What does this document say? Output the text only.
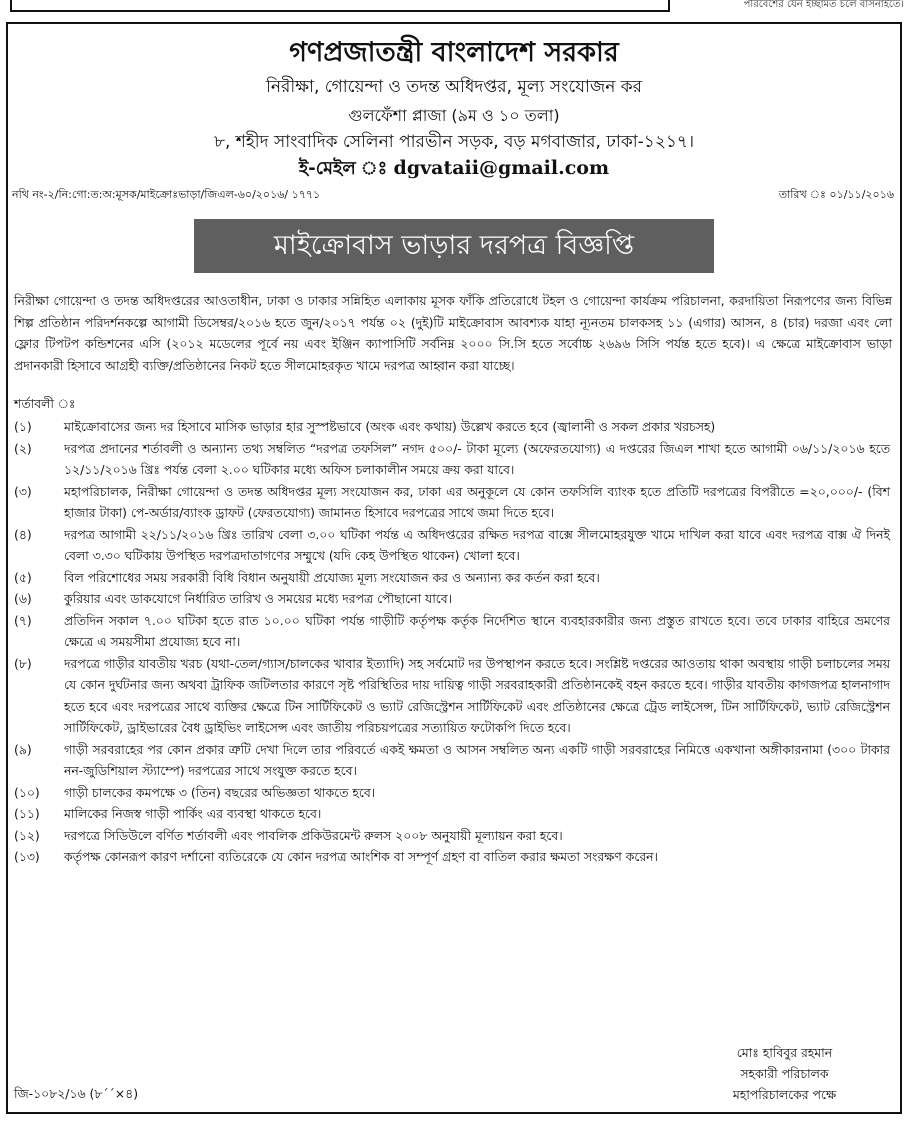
পরিবেশের যেন ইচ্ছামত চলে বাসনাইতে।
গণপ্রজাতন্ত্রী বাংলাদেশ সরকার
নিরীক্ষা, গোয়েন্দা ও তদন্ত অধিদপ্তর, মূল্য সংযোজন কর
গুলফেঁশা প্লাজা (৯ম ও ১০ তলা)
৮, শহীদ সাংবাদিক সেলিনা পারভীন সড়ক, বড় মগবাজার, ঢাকা-১২১৭।
ই-মেইল ঃ dgvataii@gmail.com
নথি নং-২/নি:গো:ত:অ:মূসক/মাইক্রোঃভাড়া/জিএল-৬০/২০১৬/ ১৭৭১	তারিখ ঃ ০১/১১/২০১৬
মাইক্রোবাস ভাড়ার দরপত্র বিজ্ঞপ্তি
নিরীক্ষা গোয়েন্দা ও তদন্ত অধিদপ্তরের আওতাধীন, ঢাকা ও ঢাকার সন্নিহিত এলাকায় মূসক ফাঁকি প্রতিরোধে টহল ও গোয়েন্দা কার্যক্রম পরিচালনা, করদায়িতা নিরূপণের জন্য বিভিন্ন শিল্প প্রতিষ্ঠান পরিদর্শনকল্পে আগামী ডিসেম্বর/২০১৬ হতে জুন/২০১৭ পর্যন্ত ০২ (দুই)টি মাইক্রোবাস আবশ্যক যাহা ন্যূনতম চালকসহ ১১ (এগার) আসন, ৪ (চার) দরজা এবং লো ফ্লোর টিপটপ কন্ডিশনের এসি (২০১২ মডেলের পূর্বে নয় এবং ইঞ্জিন ক্যাপাসিটি সর্বনিম্ন ২০০০ সি.সি হতে সর্বোচ্চ ২৬৯৬ সিসি পর্যন্ত হতে হবে)। এ ক্ষেত্রে মাইক্রোবাস ভাড়া প্রদানকারী হিসাবে আগ্রহী ব্যক্তি/প্রতিষ্ঠানের নিকট হতে সীলমোহরকৃত খামে দরপত্র আহ্বান করা যাচ্ছে।
শর্তাবলী ঃ
(১)	মাইক্রোবাসের জন্য দর হিসাবে মাসিক ভাড়ার হার সুস্পষ্টভাবে (অংক এবং কথায়) উল্লেখ করতে হবে (জ্বালানী ও সকল প্রকার খরচসহ)
(২)	দরপত্র প্রদানের শর্তাবলী ও অন্যান্য তথ্য সম্বলিত “দরপত্র তফসিল” নগদ ৫০০/- টাকা মূল্যে (অফেরতযোগ্য) এ দপ্তরের জিএল শাখা হতে আগামী ০৬/১১/২০১৬ হতে ১২/১১/২০১৬ খ্রিঃ পর্যন্ত বেলা ২.০০ ঘটিকার মধ্যে অফিস চলাকালীন সময়ে ক্রয় করা যাবে।
(৩)	মহাপরিচালক, নিরীক্ষা গোয়েন্দা ও তদন্ত অধিদপ্তর মূল্য সংযোজন কর, ঢাকা এর অনুকূলে যে কোন তফসিলি ব্যাংক হতে প্রতিটি দরপত্রের বিপরীতে =২০,০০০/- (বিশ হাজার টাকা) পে-অর্ডার/ব্যাংক ড্রাফট (ফেরতযোগ্য) জামানত হিসাবে দরপত্রের সাথে জমা দিতে হবে।
(৪)	দরপত্র আগামী ২২/১১/২০১৬ খ্রিঃ তারিখ বেলা ৩.০০ ঘটিকা পর্যন্ত এ অধিদপ্তরের রক্ষিত দরপত্র বাক্সে সীলমোহরযুক্ত খামে দাখিল করা যাবে এবং দরপত্র বাক্স ঐ দিনই বেলা ৩.৩০ ঘটিকায় উপস্থিত দরপত্রদাতাগণের সম্মুখে (যদি কেহ উপস্থিত থাকেন) খোলা হবে।
(৫)	বিল পরিশোধের সময় সরকারী বিধি বিধান অনুযায়ী প্রযোজ্য মূল্য সংযোজন কর ও অন্যান্য কর কর্তন করা হবে।
(৬)	কুরিয়ার এবং ডাকযোগে নির্ধারিত তারিখ ও সময়ের মধ্যে দরপত্র পৌছানো যাবে।
(৭)	প্রতিদিন সকাল ৭.০০ ঘটিকা হতে রাত ১০.০০ ঘটিকা পর্যন্ত গাড়ীটি কর্তৃপক্ষ কর্তৃক নির্দেশিত স্থানে ব্যবহারকারীর জন্য প্রস্তুত রাখতে হবে। তবে ঢাকার বাহিরে ভ্রমণের ক্ষেত্রে এ সময়সীমা প্রযোজ্য হবে না।
(৮)	দরপত্রে গাড়ীর যাবতীয় খরচ (যথা-তেল/গ্যাস/চালকের খাবার ইত্যাদি) সহ সর্বমোট দর উপস্থাপন করতে হবে। সংশ্লিষ্ট দপ্তরের আওতায় থাকা অবস্থায় গাড়ী চলাচলের সময় যে কোন দুর্ঘটনার জন্য অথবা ট্রাফিক জটিলতার কারণে সৃষ্ট পরিস্থিতির দায় দায়িত্ব গাড়ী সরবরাহকারী প্রতিষ্ঠানকেই বহন করতে হবে। গাড়ীর যাবতীয় কাগজপত্র হালনাগাদ হতে হবে এবং দরপত্রের সাথে ব্যক্তির ক্ষেত্রে টিন সার্টিফিকেট ও ভ্যাট রেজিস্ট্রেশন সার্টিফিকেট এবং প্রতিষ্ঠানের ক্ষেত্রে ট্রেড লাইসেন্স, টিন সার্টিফিকেট, ভ্যাট রেজিস্ট্রেশন সার্টিফিকেট, ড্রাইভারের বৈধ ড্রাইভিং লাইসেন্স এবং জাতীয় পরিচয়পত্রের সত্যায়িত ফটোকপি দিতে হবে।
(৯)	গাড়ী সরবরাহের পর কোন প্রকার ত্রুটি দেখা দিলে তার পরিবর্তে একই ক্ষমতা ও আসন সম্বলিত অন্য একটি গাড়ী সরবরাহের নিমিত্তে একখানা অঙ্গীকারনামা (৩০০ টাকার নন-জুডিশিয়াল স্ট্যাম্পে) দরপত্রের সাথে সংযুক্ত করতে হবে।
(১০)	গাড়ী চালকের কমপক্ষে ৩ (তিন) বছরের অভিজ্ঞতা থাকতে হবে।
(১১)	মালিকের নিজস্ব গাড়ী পার্কিং এর ব্যবস্থা থাকতে হবে।
(১২)	দরপত্রে সিডিউলে বর্ণিত শর্তাবলী এবং পাবলিক প্রকিউরমেন্ট রুলস ২০০৮ অনুযায়ী মূল্যায়ন করা হবে।
(১৩)	কর্তৃপক্ষ কোনরূপ কারণ দর্শানো ব্যতিরেকে যে কোন দরপত্র আংশিক বা সম্পূর্ণ গ্রহণ বা বাতিল করার ক্ষমতা সংরক্ষণ করেন।
মোঃ হাবিবুর রহমান
সহকারী পরিচালক
মহাপরিচালকের পক্ষে
জি-১০৮২/১৬ (৮´´×৪)
